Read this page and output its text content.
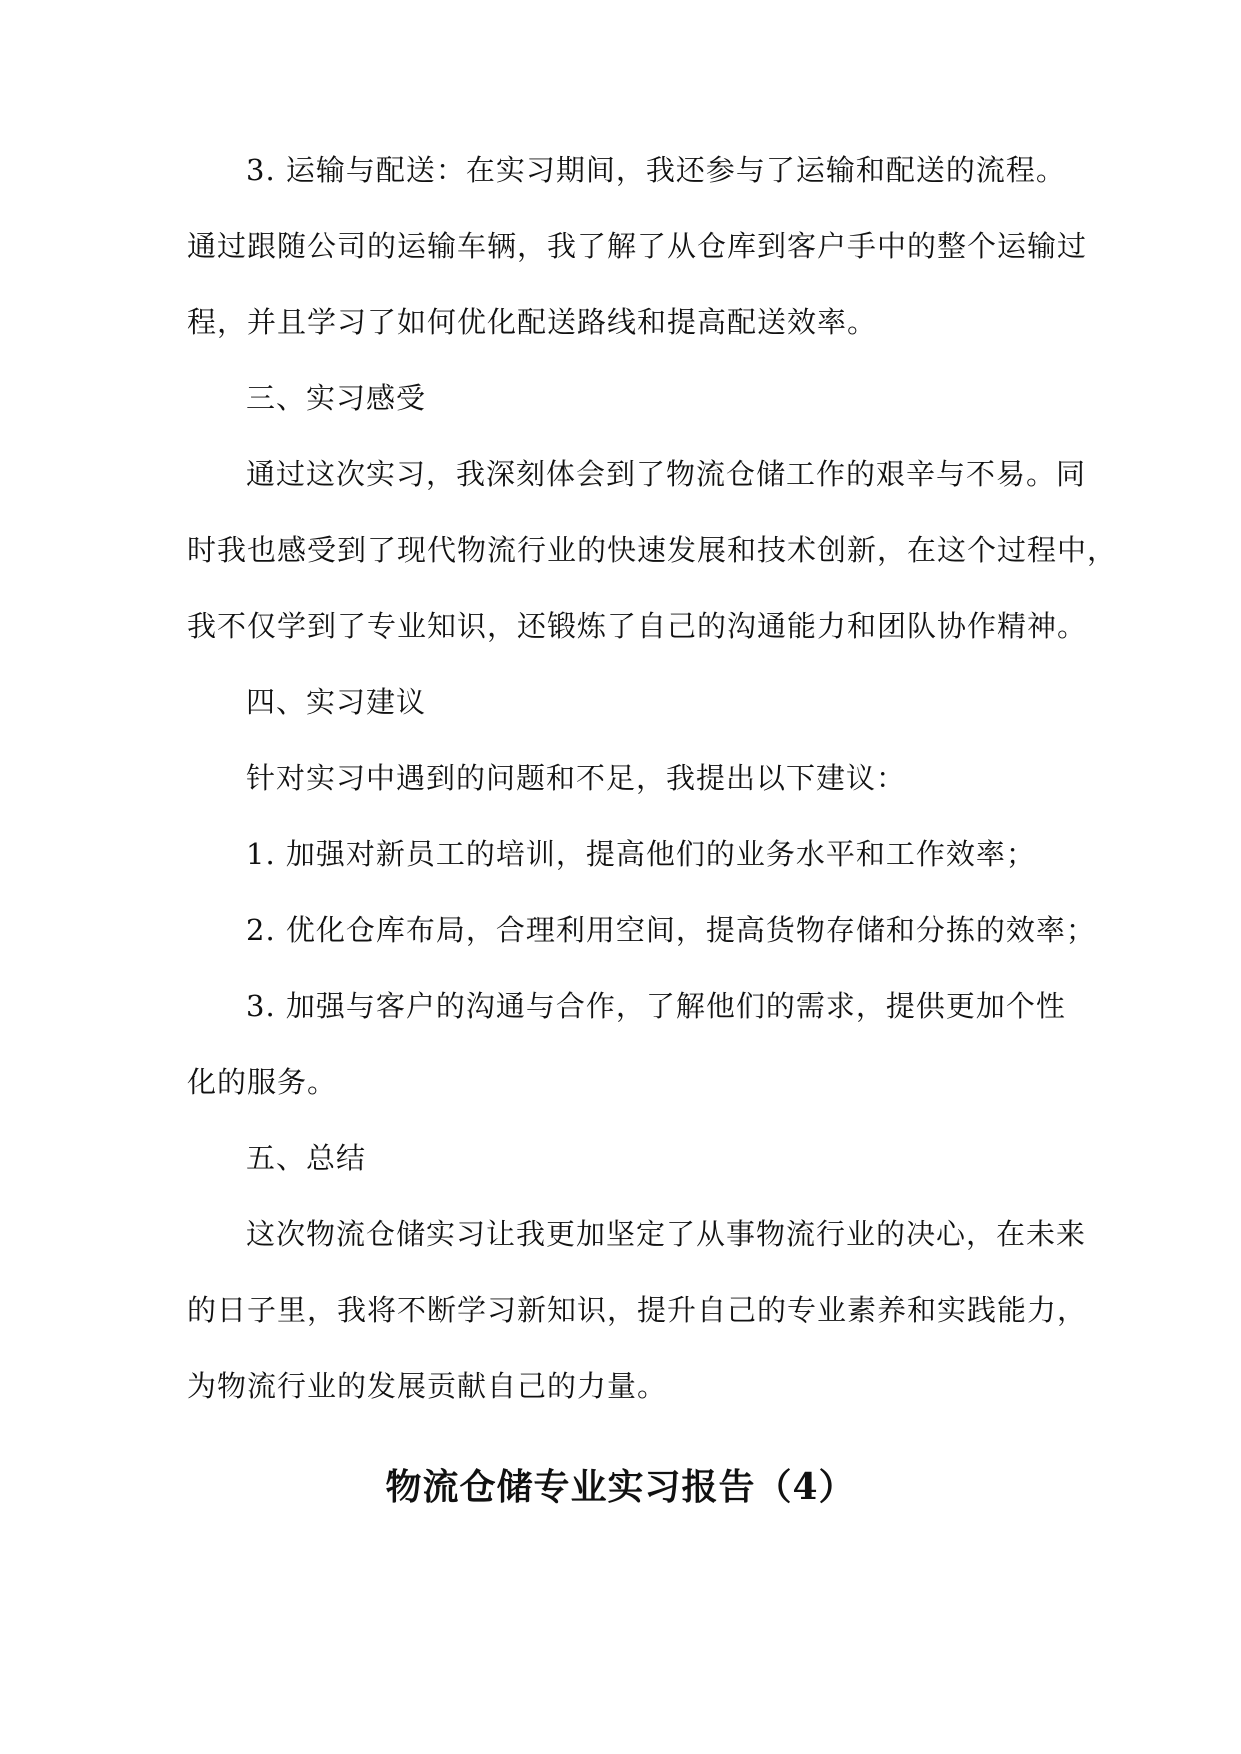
3. 运输与配送：在实习期间，我还参与了运输和配送的流程。

通过跟随公司的运输车辆，我了解了从仓库到客户手中的整个运输过

程，并且学习了如何优化配送路线和提高配送效率。

三、实习感受

通过这次实习，我深刻体会到了物流仓储工作的艰辛与不易。同

时我也感受到了现代物流行业的快速发展和技术创新，在这个过程中，

我不仅学到了专业知识，还锻炼了自己的沟通能力和团队协作精神。

四、实习建议

针对实习中遇到的问题和不足，我提出以下建议：

1. 加强对新员工的培训，提高他们的业务水平和工作效率；

2. 优化仓库布局，合理利用空间，提高货物存储和分拣的效率；

3. 加强与客户的沟通与合作，了解他们的需求，提供更加个性

化的服务。

五、总结

这次物流仓储实习让我更加坚定了从事物流行业的决心，在未来

的日子里，我将不断学习新知识，提升自己的专业素养和实践能力，

为物流行业的发展贡献自己的力量。

物流仓储专业实习报告（4）
